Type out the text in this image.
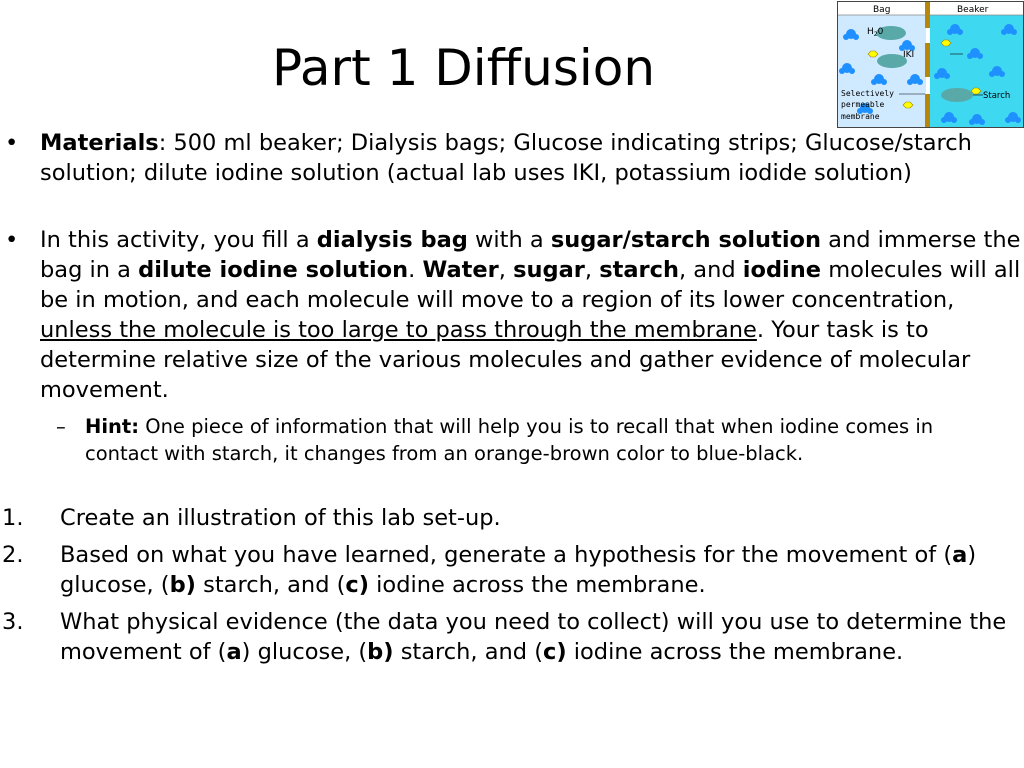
Part 1 Diffusion
Bag	Beaker
$H_20$
IKI
Starch
Selectively
permeable
membrane
• Materials: 500 ml beaker; Dialysis bags; Glucose indicating strips; Glucose/starch solution; dilute iodine solution (actual lab uses IKI, potassium iodide solution)
• In this activity, you fill a dialysis bag with a sugar/starch solution and immerse the bag in a dilute iodine solution. Water, sugar, starch, and iodine molecules will all be in motion, and each molecule will move to a region of its lower concentration, unless the molecule is too large to pass through the membrane. Your task is to determine relative size of the various molecules and gather evidence of molecular movement.
– Hint: One piece of information that will help you is to recall that when iodine comes in contact with starch, it changes from an orange-brown color to blue-black.
1. Create an illustration of this lab set-up.
2. Based on what you have learned, generate a hypothesis for the movement of (a) glucose, (b) starch, and (c) iodine across the membrane.
3. What physical evidence (the data you need to collect) will you use to determine the movement of (a) glucose, (b) starch, and (c) iodine across the membrane.
